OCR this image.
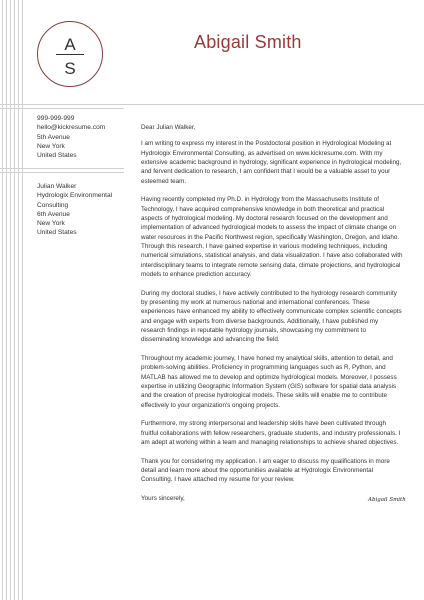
A
S
Abigail Smith
999-999-999
hello@kickresume.com
5th Avenue
New York
United States
Julian Walker
Hydrologix Environmental Consulting
6th Avenue
New York
United States

Dear Julian Walker,

I am writing to express my interest in the Postdoctoral position in Hydrological Modeling at Hydrologix Environmental Consulting, as advertised on www.kickresume.com. With my extensive academic background in hydrology, significant experience in hydrological modeling, and fervent dedication to research, I am confident that I would be a valuable asset to your esteemed team.

Having recently completed my Ph.D. in Hydrology from the Massachusetts Institute of Technology, I have acquired comprehensive knowledge in both theoretical and practical aspects of hydrological modeling. My doctoral research focused on the development and implementation of advanced hydrological models to assess the impact of climate change on water resources in the Pacific Northwest region, specifically Washington, Oregon, and Idaho. Through this research, I have gained expertise in various modeling techniques, including numerical simulations, statistical analysis, and data visualization. I have also collaborated with interdisciplinary teams to integrate remote sensing data, climate projections, and hydrological models to enhance prediction accuracy.

During my doctoral studies, I have actively contributed to the hydrology research community by presenting my work at numerous national and international conferences. These experiences have enhanced my ability to effectively communicate complex scientific concepts and engage with experts from diverse backgrounds. Additionally, I have published my research findings in reputable hydrology journals, showcasing my commitment to disseminating knowledge and advancing the field.

Throughout my academic journey, I have honed my analytical skills, attention to detail, and problem-solving abilities. Proficiency in programming languages such as R, Python, and MATLAB has allowed me to develop and optimize hydrological models. Moreover, I possess expertise in utilizing Geographic Information System (GIS) software for spatial data analysis and the creation of precise hydrological models. These skills will enable me to contribute effectively to your organization's ongoing projects.

Furthermore, my strong interpersonal and leadership skills have been cultivated through fruitful collaborations with fellow researchers, graduate students, and industry professionals. I am adept at working within a team and managing relationships to achieve shared objectives.

Thank you for considering my application. I am eager to discuss my qualifications in more detail and learn more about the opportunities available at Hydrologix Environmental Consulting. I have attached my resume for your review.

Yours sincerely,	Abigail Smith
